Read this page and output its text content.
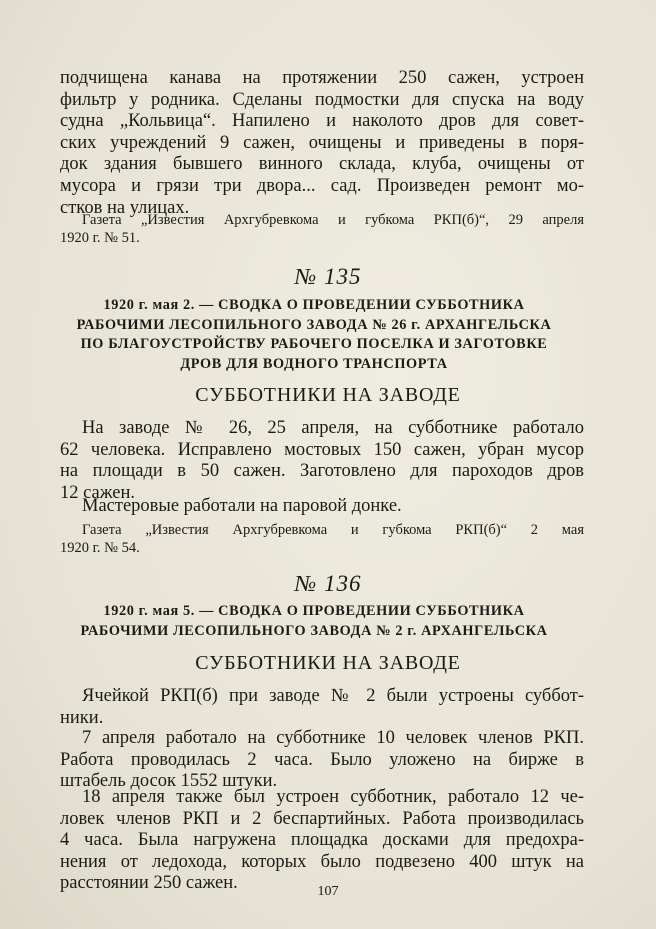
подчищена канава на протяжении 250 сажен, устроен

фильтр у родника. Сделаны подмостки для спуска на воду

судна „Кольвица“. Напилено и наколото дров для совет-

ских учреждений 9 сажен, очищены и приведены в поря-

док здания бывшего винного склада, клуба, очищены от

мусора и грязи три двора... сад. Произведен ремонт мо-

стков на улицах.

Газета „Известия Архгубревкома и губкома РКП(б)“, 29 апреля

1920 г. № 51.

№ 135
1920 г. мая 2. — СВОДКА О ПРОВЕДЕНИИ СУББОТНИКА
РАБОЧИМИ ЛЕСОПИЛЬНОГО ЗАВОДА № 26 г. АРХАНГЕЛЬСКА
ПО БЛАГОУСТРОЙСТВУ РАБОЧЕГО ПОСЕЛКА И ЗАГОТОВКЕ
ДРОВ ДЛЯ ВОДНОГО ТРАНСПОРТА
СУББОТНИКИ НА ЗАВОДЕ

На заводе № 26, 25 апреля, на субботнике работало

62 человека. Исправлено мостовых 150 сажен, убран мусор

на площади в 50 сажен. Заготовлено для пароходов дров

12 сажен.

Мастеровые работали на паровой донке.

Газета „Известия Архгубревкома и губкома РКП(б)“ 2 мая

1920 г. № 54.

№ 136
1920 г. мая 5. — СВОДКА О ПРОВЕДЕНИИ СУББОТНИКА
РАБОЧИМИ ЛЕСОПИЛЬНОГО ЗАВОДА № 2 г. АРХАНГЕЛЬСКА
СУББОТНИКИ НА ЗАВОДЕ

Ячейкой РКП(б) при заводе № 2 были устроены суббот-

ники.

7 апреля работало на субботнике 10 человек членов РКП.

Работа проводилась 2 часа. Было уложено на бирже в

штабель досок 1552 штуки.

18 апреля также был устроен субботник, работало 12 че-

ловек членов РКП и 2 беспартийных. Работа производилась

4 часа. Была нагружена площадка досками для предохра-

нения от ледохода, которых было подвезено 400 штук на

расстоянии 250 сажен.	107
